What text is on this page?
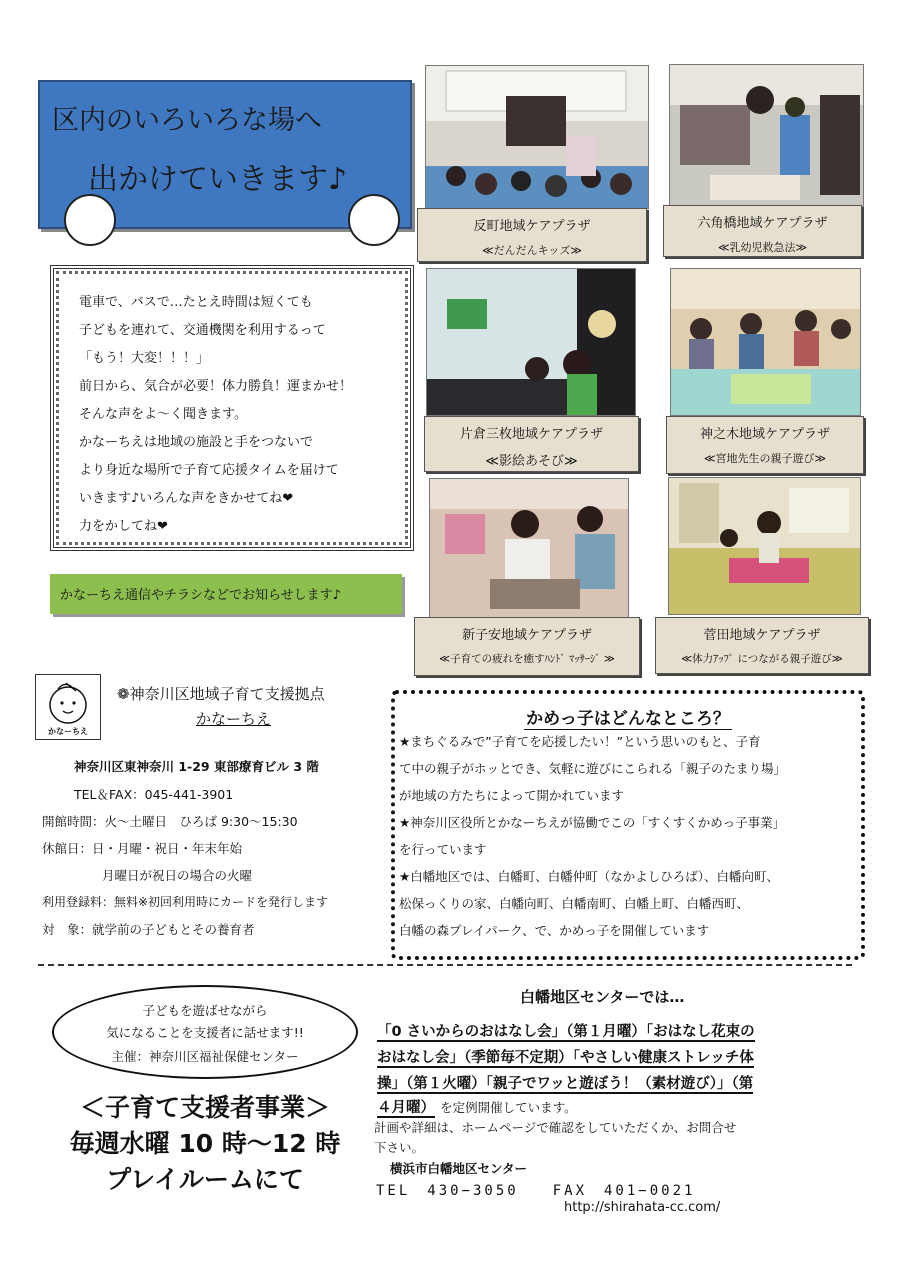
区内のいろいろな場へ
出かけていきます♪
反町地域ケアプラザ
≪だんだんキッズ≫
六角橋地域ケアプラザ
≪乳幼児救急法≫
電車で、バスで…たとえ時間は短くても
子どもを連れて、交通機関を利用するって
「もう！大変！！！」
前日から、気合が必要！体力勝負！運まかせ！
そんな声をよ～く聞きます。
かなーちえは地域の施設と手をつないで
より身近な場所で子育て応援タイムを届けて
いきます♪いろんな声をきかせてね❤
力をかしてね❤
片倉三枚地域ケアプラザ
≪影絵あそび≫
神之木地域ケアプラザ
≪宮地先生の親子遊び≫
かなーちえ通信やチラシなどでお知らせします♪
新子安地域ケアプラザ
≪子育ての疲れを癒すﾊﾝﾄﾞ ﾏｯｻｰｼﾞ ≫
菅田地域ケアプラザ
≪体力ｱｯﾌﾟ につながる親子遊び≫
かなーちえ
❁神奈川区地域子育て支援拠点
かなーちえ
神奈川区東神奈川 1-29 東部療育ビル 3 階
TEL＆FAX：045-441-3901
開館時間：火～土曜日　ひろば 9:30～15:30
休館日：日・月曜・祝日・年末年始
月曜日が祝日の場合の火曜
利用登録料：無料※初回利用時にカードを発行します
対　象：就学前の子どもとその養育者
かめっ子はどんなところ？
★まちぐるみで”子育てを応援したい！”という思いのもと、子育
て中の親子がホッとでき、気軽に遊びにこられる「親子のたまり場」
が地域の方たちによって開かれています
★神奈川区役所とかなーちえが協働でこの「すくすくかめっ子事業」
を行っています
★白幡地区では、白幡町、白幡仲町（なかよしひろば）、白幡向町、
松保っくりの家、白幡向町、白幡南町、白幡上町、白幡西町、
白幡の森プレイパーク、で、かめっ子を開催しています
子どもを遊ばせながら
気になることを支援者に話せます!!
主催：神奈川区福祉保健センター
＜子育て支援者事業＞
毎週水曜 10 時～12 時
プレイルームにて
白幡地区センターでは…
「0 さいからのおはなし会」（第１月曜）「おはなし花束の
おはなし会」（季節毎不定期）「やさしい健康ストレッチ体
操」（第１火曜）「親子でワッと遊ぼう！（素材遊び）」（第
４月曜） を定例開催しています。
計画や詳細は、ホームページで確認をしていただくか、お問合せ
下さい。
横浜市白幡地区センター
TEL　430−3050　　FAX　401−0021
http://shirahata-cc.com/
